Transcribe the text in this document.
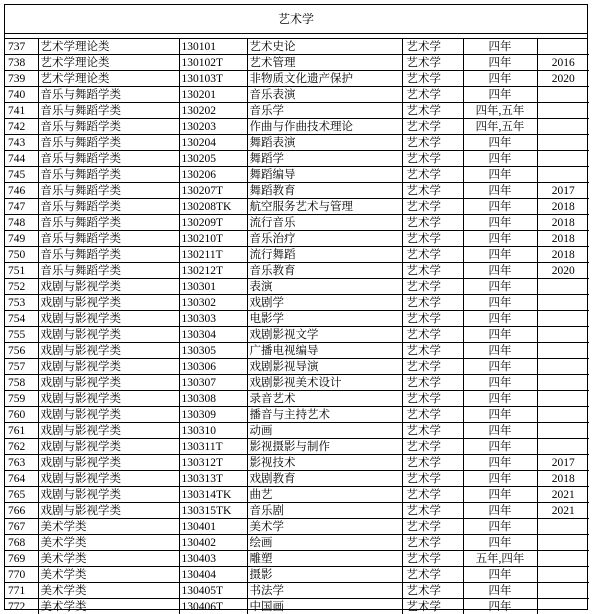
艺术学
737	艺术学理论类	130101	艺术史论	艺术学	四年	
738	艺术学理论类	130102T	艺术管理	艺术学	四年	2016
739	艺术学理论类	130103T	非物质文化遗产保护	艺术学	四年	2020
740	音乐与舞蹈学类	130201	音乐表演	艺术学	四年	
741	音乐与舞蹈学类	130202	音乐学	艺术学	四年,五年	
742	音乐与舞蹈学类	130203	作曲与作曲技术理论	艺术学	四年,五年	
743	音乐与舞蹈学类	130204	舞蹈表演	艺术学	四年	
744	音乐与舞蹈学类	130205	舞蹈学	艺术学	四年	
745	音乐与舞蹈学类	130206	舞蹈编导	艺术学	四年	
746	音乐与舞蹈学类	130207T	舞蹈教育	艺术学	四年	2017
747	音乐与舞蹈学类	130208TK	航空服务艺术与管理	艺术学	四年	2018
748	音乐与舞蹈学类	130209T	流行音乐	艺术学	四年	2018
749	音乐与舞蹈学类	130210T	音乐治疗	艺术学	四年	2018
750	音乐与舞蹈学类	130211T	流行舞蹈	艺术学	四年	2018
751	音乐与舞蹈学类	130212T	音乐教育	艺术学	四年	2020
752	戏剧与影视学类	130301	表演	艺术学	四年	
753	戏剧与影视学类	130302	戏剧学	艺术学	四年	
754	戏剧与影视学类	130303	电影学	艺术学	四年	
755	戏剧与影视学类	130304	戏剧影视文学	艺术学	四年	
756	戏剧与影视学类	130305	广播电视编导	艺术学	四年	
757	戏剧与影视学类	130306	戏剧影视导演	艺术学	四年	
758	戏剧与影视学类	130307	戏剧影视美术设计	艺术学	四年	
759	戏剧与影视学类	130308	录音艺术	艺术学	四年	
760	戏剧与影视学类	130309	播音与主持艺术	艺术学	四年	
761	戏剧与影视学类	130310	动画	艺术学	四年	
762	戏剧与影视学类	130311T	影视摄影与制作	艺术学	四年	
763	戏剧与影视学类	130312T	影视技术	艺术学	四年	2017
764	戏剧与影视学类	130313T	戏剧教育	艺术学	四年	2018
765	戏剧与影视学类	130314TK	曲艺	艺术学	四年	2021
766	戏剧与影视学类	130315TK	音乐剧	艺术学	四年	2021
767	美术学类	130401	美术学	艺术学	四年	
768	美术学类	130402	绘画	艺术学	四年	
769	美术学类	130403	雕塑	艺术学	五年,四年	
770	美术学类	130404	摄影	艺术学	四年	
771	美术学类	130405T	书法学	艺术学	四年	
772	美术学类	130406T	中国画	艺术学	四年	
